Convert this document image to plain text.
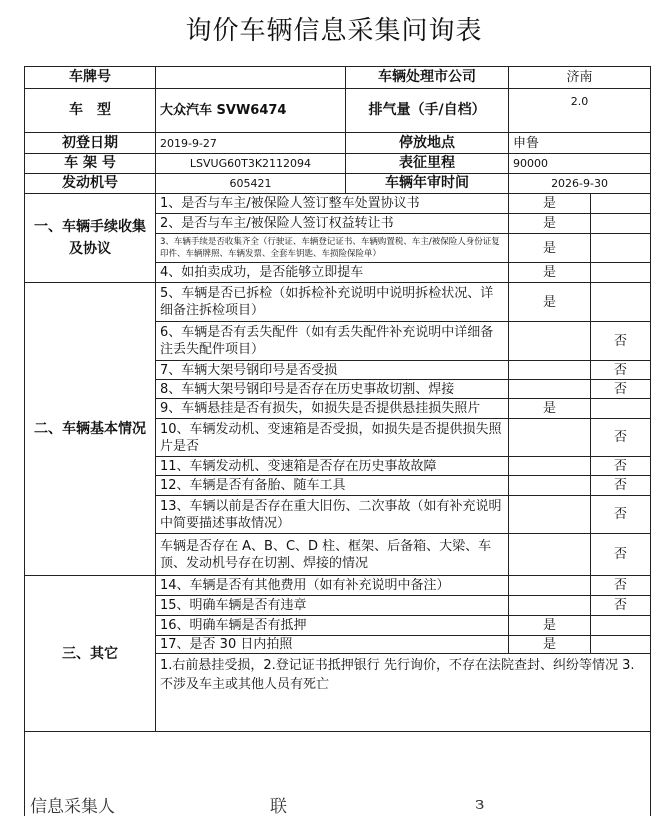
询价车辆信息采集问询表
车牌号		车辆处理市公司	济南	
车　型	大众汽车 SVW6474	排气量（手/自档）	2.0	
初登日期	2019-9-27	停放地点	申鲁	
车 架 号	LSVUG60T3K2112094	表征里程	90000	
发动机号	605421	车辆年审时间	2026-9-30	
一、车辆手续收集及协议	1、是否与车主/被保险人签订整车处置协议书		是	
	2、是否与车主/被保险人签订权益转让书		是	
	3、车辆手续是否收集齐全（行驶证、车辆登记证书、车辆购置税、车主/被保险人身份证复印件、车辆牌照、车辆发票、全套车钥匙、车损险保险单）		是	
	4、如拍卖成功，是否能够立即提车		是	
二、车辆基本情况	5、车辆是否已拆检（如拆检补充说明中说明拆检状况、详细备注拆检项目）		是	
	6、车辆是否有丢失配件（如有丢失配件补充说明中详细备注丢失配件项目）			否
	7、车辆大架号钢印号是否受损			否
	8、车辆大架号钢印号是否存在历史事故切割、焊接			否
	9、车辆悬挂是否有损失，如损失是否提供悬挂损失照片		是	
	10、车辆发动机、变速箱是否受损，如损失是否提供损失照片是否			否
	11、车辆发动机、变速箱是否存在历史事故故障			否
	12、车辆是否有备胎、随车工具			否
	13、车辆以前是否存在重大旧伤、二次事故（如有补充说明中简要描述事故情况）			否
	车辆是否存在 A、B、C、D 柱、框架、后备箱、大梁、车顶、发动机号存在切割、焊接的情况			否
三、其它	14、车辆是否有其他费用（如有补充说明中备注）			否
	15、明确车辆是否有违章			否
	16、明确车辆是否有抵押		是	
	17、是否 30 日内拍照		是	
	1.右前悬挂受损，2.登记证书抵押银行 先行询价，不存在法院查封、纠纷等情况 3.不涉及车主或其他人员有死亡			

信息采集人	联	з
